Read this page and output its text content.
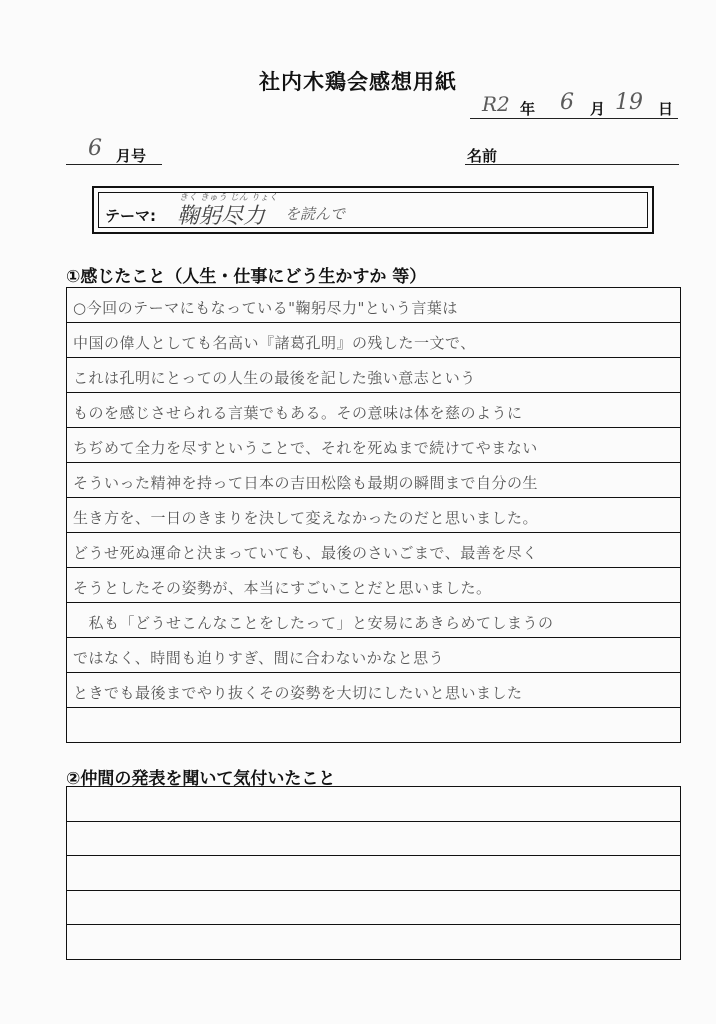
社内木鶏会感想用紙
R2 年 6 月 19 日
6 月号	名前
テーマ:
きく きゅう じん りょく
鞠躬尽力 を読んで
①感じたこと（人生・仕事にどう生かすか 等）
○今回のテーマにもなっている"鞠躬尽力"という言葉は
中国の偉人としても名高い『諸葛孔明』の残した一文で、
これは孔明にとっての人生の最後を記した強い意志という
ものを感じさせられる言葉でもある。その意味は体を慈のように
ちぢめて全力を尽すということで、それを死ぬまで続けてやまない
そういった精神を持って日本の吉田松陰も最期の瞬間まで自分の生
生き方を、一日のきまりを決して変えなかったのだと思いました。
どうせ死ぬ運命と決まっていても、最後のさいごまで、最善を尽く
そうとしたその姿勢が、本当にすごいことだと思いました。
　私も「どうせこんなことをしたって」と安易にあきらめてしまうの
ではなく、時間も迫りすぎ、間に合わないかなと思う
ときでも最後までやり抜くその姿勢を大切にしたいと思いました
②仲間の発表を聞いて気付いたこと
